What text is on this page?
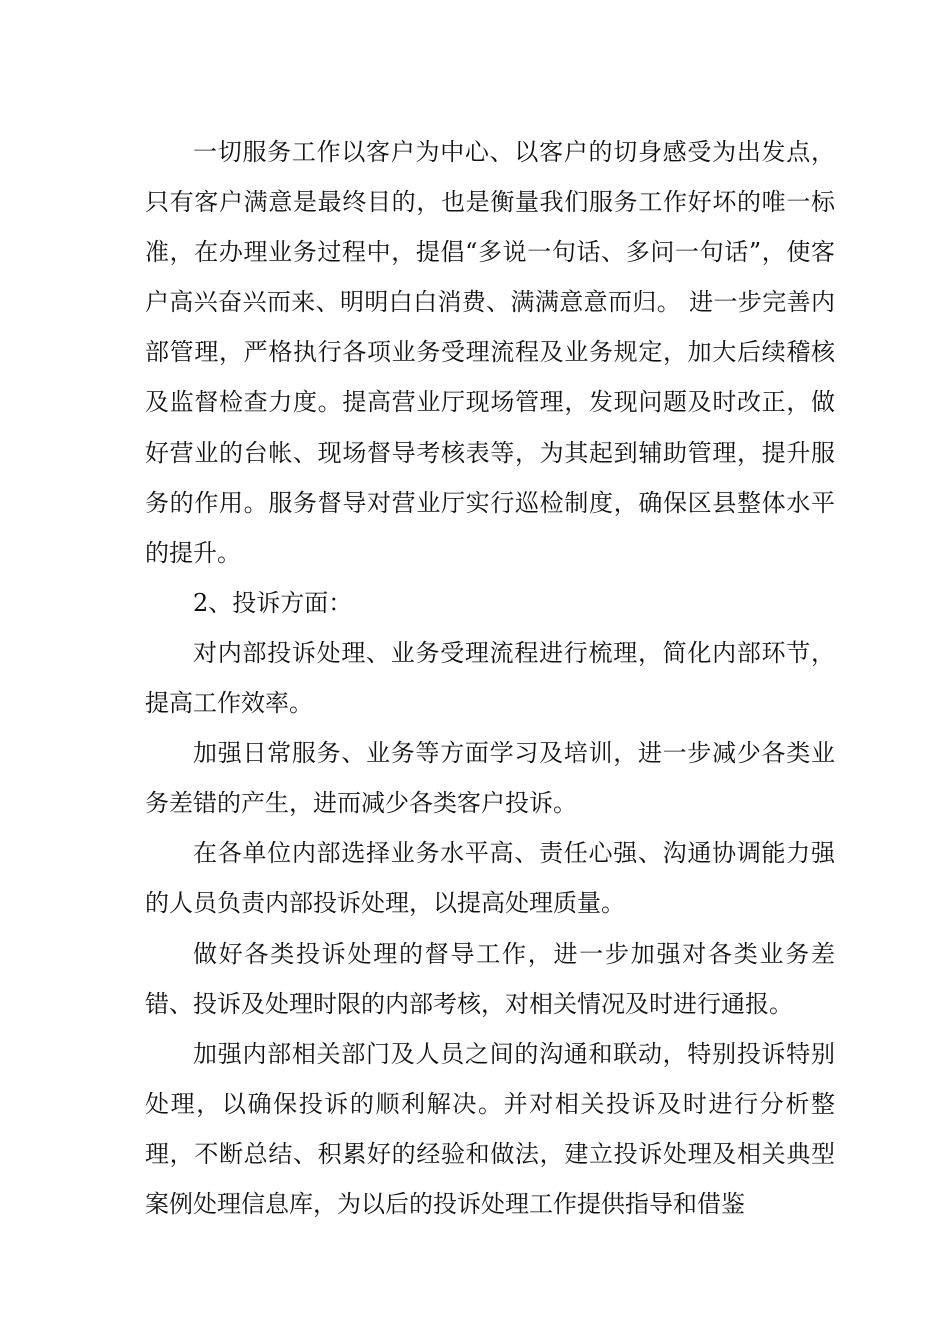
一切服务工作以客户为中心、以客户的切身感受为出发点，只有客户满意是最终目的，也是衡量我们服务工作好坏的唯一标准，在办理业务过程中，提倡“多说一句话、多问一句话”，使客户高兴奋兴而来、明明白白消费、满满意意而归。 进一步完善内部管理，严格执行各项业务受理流程及业务规定，加大后续稽核及监督检查力度。提高营业厅现场管理，发现问题及时改正，做好营业的台帐、现场督导考核表等，为其起到辅助管理，提升服务的作用。服务督导对营业厅实行巡检制度，确保区县整体水平的提升。

2、投诉方面：

对内部投诉处理、业务受理流程进行梳理，简化内部环节，提高工作效率。

加强日常服务、业务等方面学习及培训，进一步减少各类业务差错的产生，进而减少各类客户投诉。

在各单位内部选择业务水平高、责任心强、沟通协调能力强的人员负责内部投诉处理，以提高处理质量。

做好各类投诉处理的督导工作，进一步加强对各类业务差错、投诉及处理时限的内部考核，对相关情况及时进行通报。

加强内部相关部门及人员之间的沟通和联动，特别投诉特别处理，以确保投诉的顺利解决。并对相关投诉及时进行分析整理，不断总结、积累好的经验和做法，建立投诉处理及相关典型案例处理信息库，为以后的投诉处理工作提供指导和借鉴
